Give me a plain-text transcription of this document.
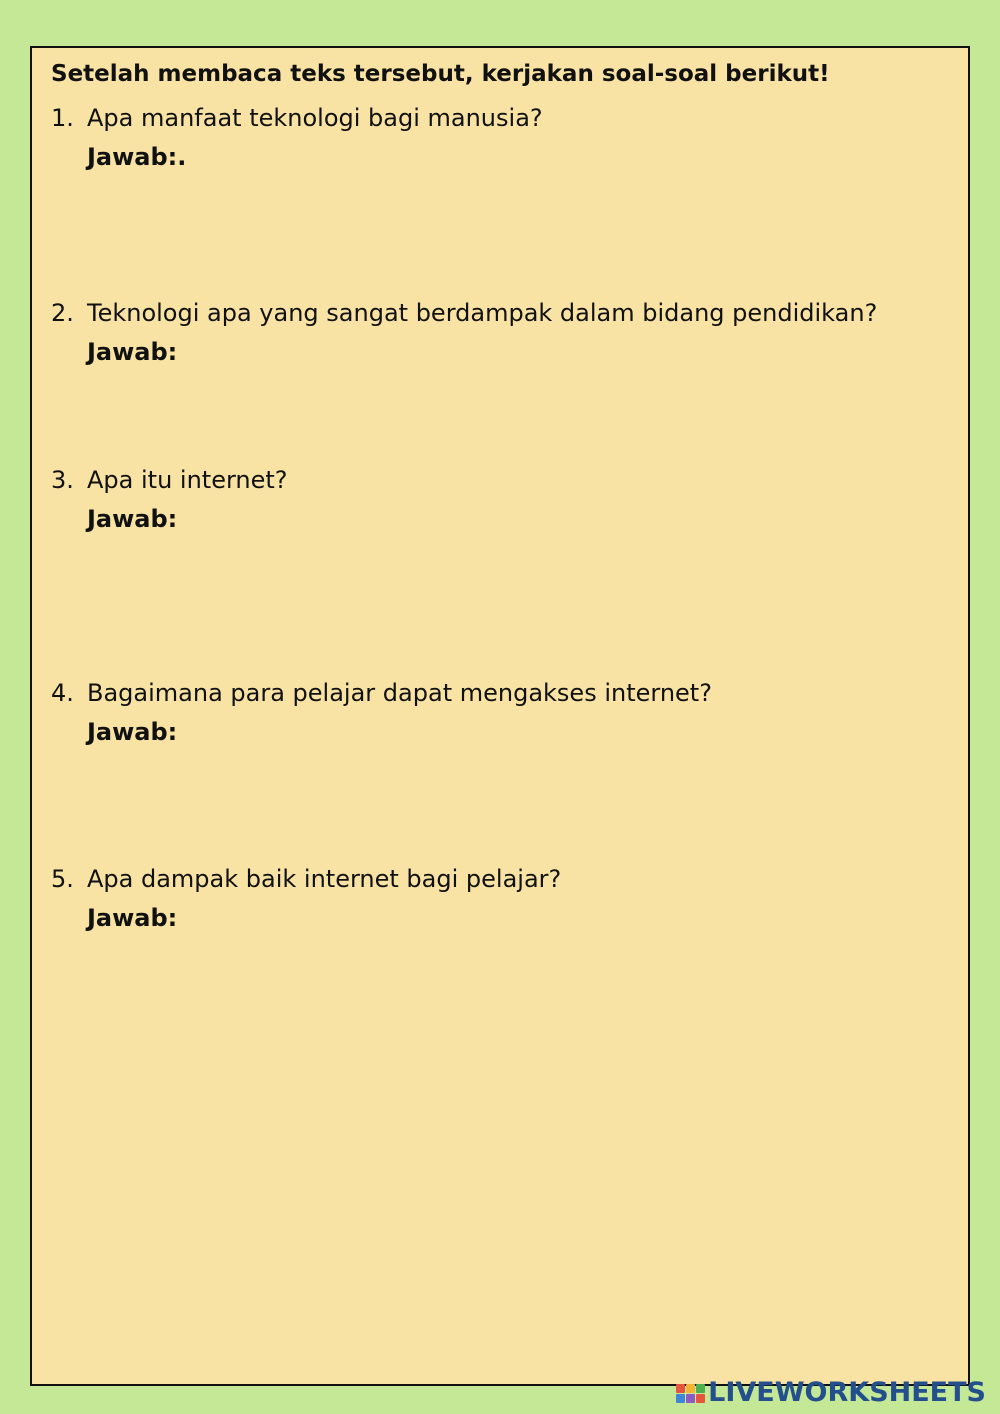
Setelah membaca teks tersebut, kerjakan soal-soal berikut!
1. Apa manfaat teknologi bagi manusia?
Jawab:.
2. Teknologi apa yang sangat berdampak dalam bidang pendidikan?
Jawab:
3. Apa itu internet?
Jawab:
4. Bagaimana para pelajar dapat mengakses internet?
Jawab:
5. Apa dampak baik internet bagi pelajar?
Jawab:
LIVEWORKSHEETS
